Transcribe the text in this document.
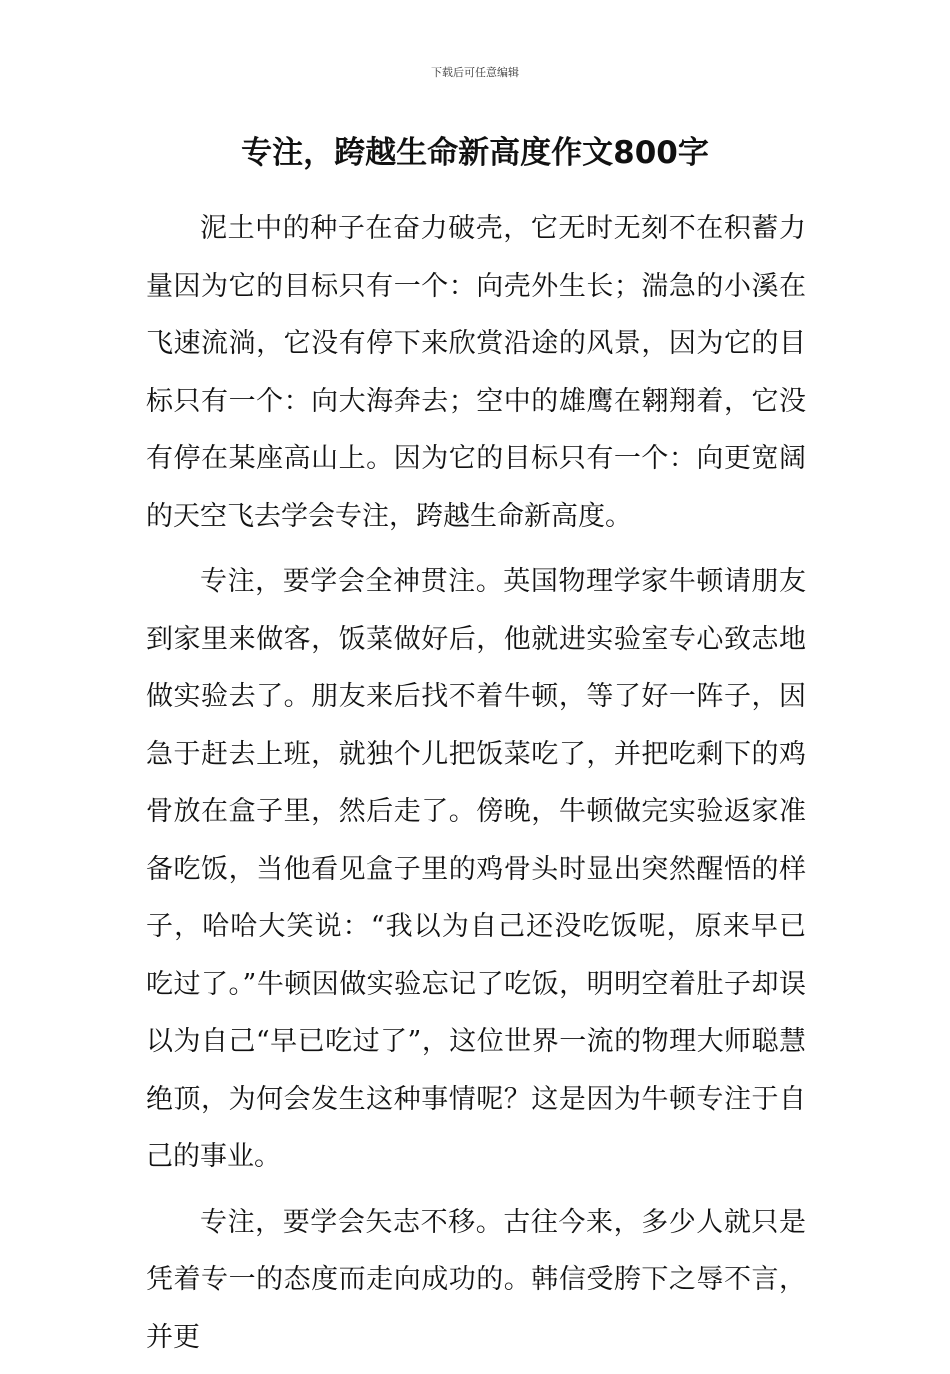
下载后可任意编辑
专注，跨越生命新高度作文800字

泥土中的种子在奋力破壳，它无时无刻不在积蓄力量因为它的目标只有一个：向壳外生长；湍急的小溪在飞速流淌，它没有停下来欣赏沿途的风景，因为它的目标只有一个：向大海奔去；空中的雄鹰在翱翔着，它没有停在某座高山上。因为它的目标只有一个：向更宽阔的天空飞去学会专注，跨越生命新高度。

专注，要学会全神贯注。英国物理学家牛顿请朋友到家里来做客，饭菜做好后，他就进实验室专心致志地做实验去了。朋友来后找不着牛顿，等了好一阵子，因急于赶去上班，就独个儿把饭菜吃了，并把吃剩下的鸡骨放在盒子里，然后走了。傍晚，牛顿做完实验返家准备吃饭，当他看见盒子里的鸡骨头时显出突然醒悟的样子，哈哈大笑说：“我以为自己还没吃饭呢，原来早已吃过了。”牛顿因做实验忘记了吃饭，明明空着肚子却误以为自己“早已吃过了”，这位世界一流的物理大师聪慧绝顶，为何会发生这种事情呢？这是因为牛顿专注于自己的事业。

专注，要学会矢志不移。古往今来，多少人就只是凭着专一的态度而走向成功的。韩信受胯下之辱不言，并更
